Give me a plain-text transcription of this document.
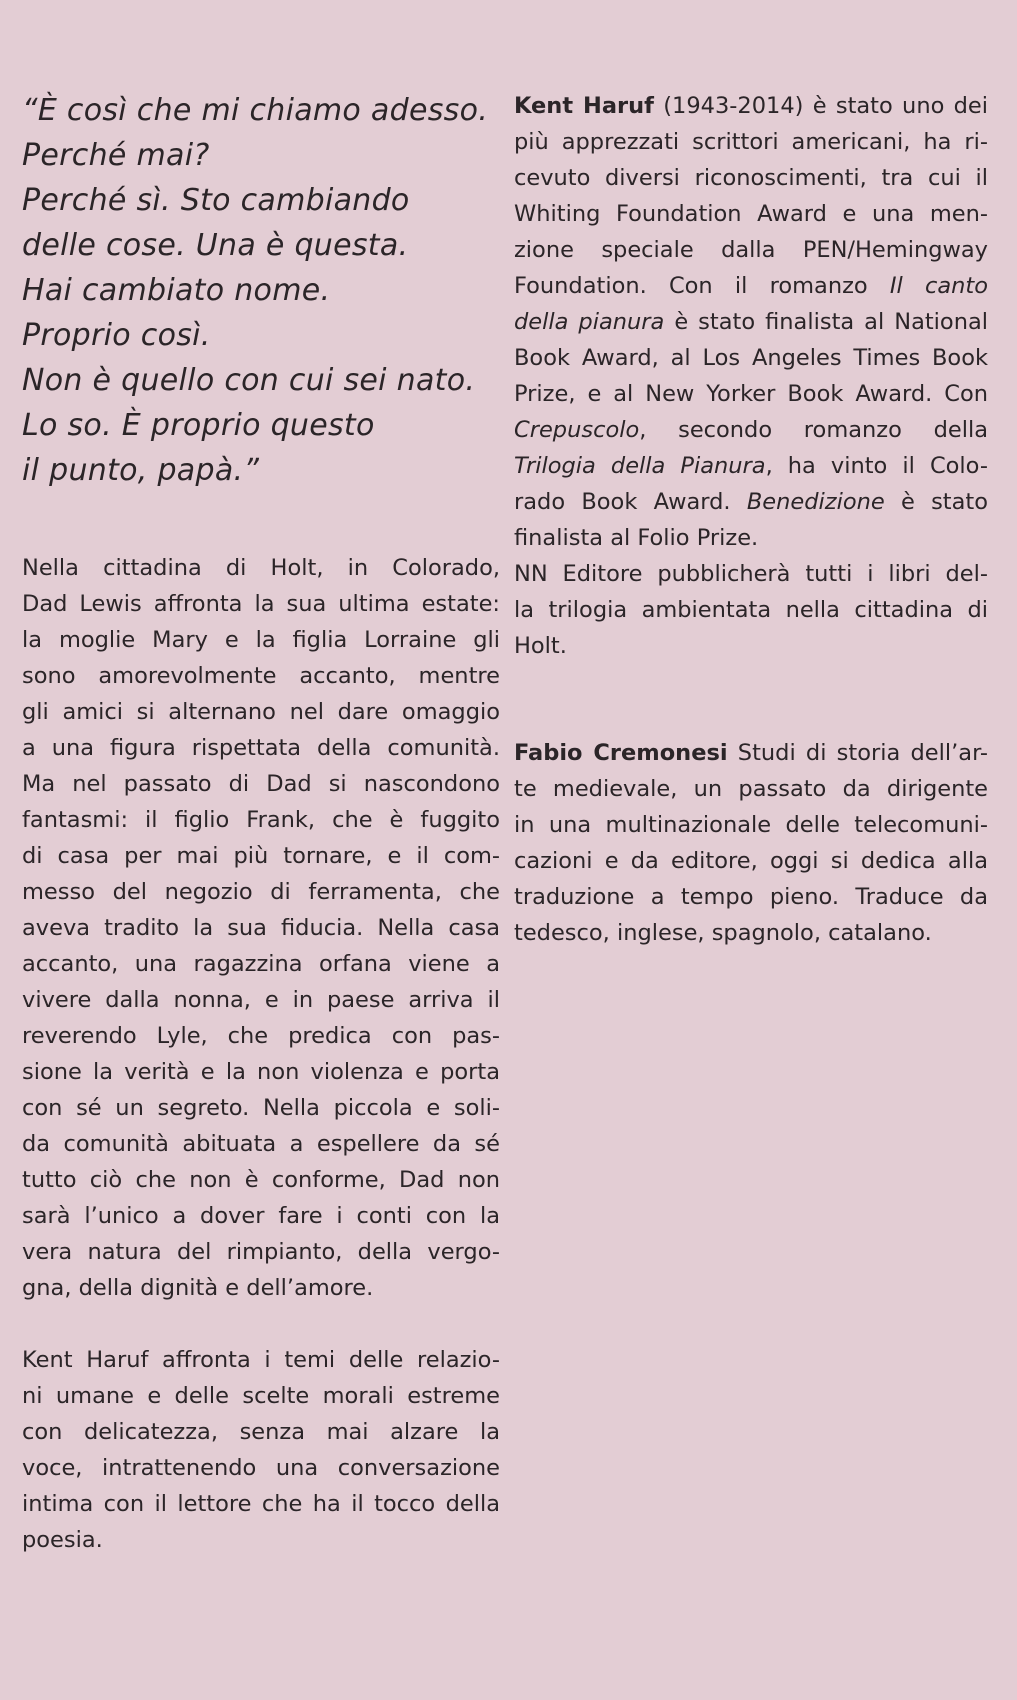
“È così che mi chiamo adesso.
Perché mai?
Perché sì. Sto cambiando
delle cose. Una è questa.
Hai cambiato nome.
Proprio così.
Non è quello con cui sei nato.
Lo so. È proprio questo
il punto, papà.”

Nella cittadina di Holt, in Colorado,
Dad Lewis affronta la sua ultima estate:
la moglie Mary e la figlia Lorraine gli
sono amorevolmente accanto, mentre
gli amici si alternano nel dare omaggio
a una figura rispettata della comunità.
Ma nel passato di Dad si nascondono
fantasmi: il figlio Frank, che è fuggito
di casa per mai più tornare, e il com-
messo del negozio di ferramenta, che
aveva tradito la sua fiducia. Nella casa
accanto, una ragazzina orfana viene a
vivere dalla nonna, e in paese arriva il
reverendo Lyle, che predica con pas-
sione la verità e la non violenza e porta
con sé un segreto. Nella piccola e soli-
da comunità abituata a espellere da sé
tutto ciò che non è conforme, Dad non
sarà l’unico a dover fare i conti con la
vera natura del rimpianto, della vergo-
gna, della dignità e dell’amore.

Kent Haruf affronta i temi delle relazio-
ni umane e delle scelte morali estreme
con delicatezza, senza mai alzare la
voce, intrattenendo una conversazione
intima con il lettore che ha il tocco della
poesia.

Kent Haruf (1943-2014) è stato uno dei
più apprezzati scrittori americani, ha ri-
cevuto diversi riconoscimenti, tra cui il
Whiting Foundation Award e una men-
zione speciale dalla PEN/Hemingway
Foundation. Con il romanzo Il canto
della pianura è stato finalista al National
Book Award, al Los Angeles Times Book
Prize, e al New Yorker Book Award. Con
Crepuscolo, secondo romanzo della
Trilogia della Pianura, ha vinto il Colo-
rado Book Award. Benedizione è stato
finalista al Folio Prize.

NN Editore pubblicherà tutti i libri del-
la trilogia ambientata nella cittadina di
Holt.

Fabio Cremonesi Studi di storia dell’ar-
te medievale, un passato da dirigente
in una multinazionale delle telecomuni-
cazioni e da editore, oggi si dedica alla
traduzione a tempo pieno. Traduce da
tedesco, inglese, spagnolo, catalano.
